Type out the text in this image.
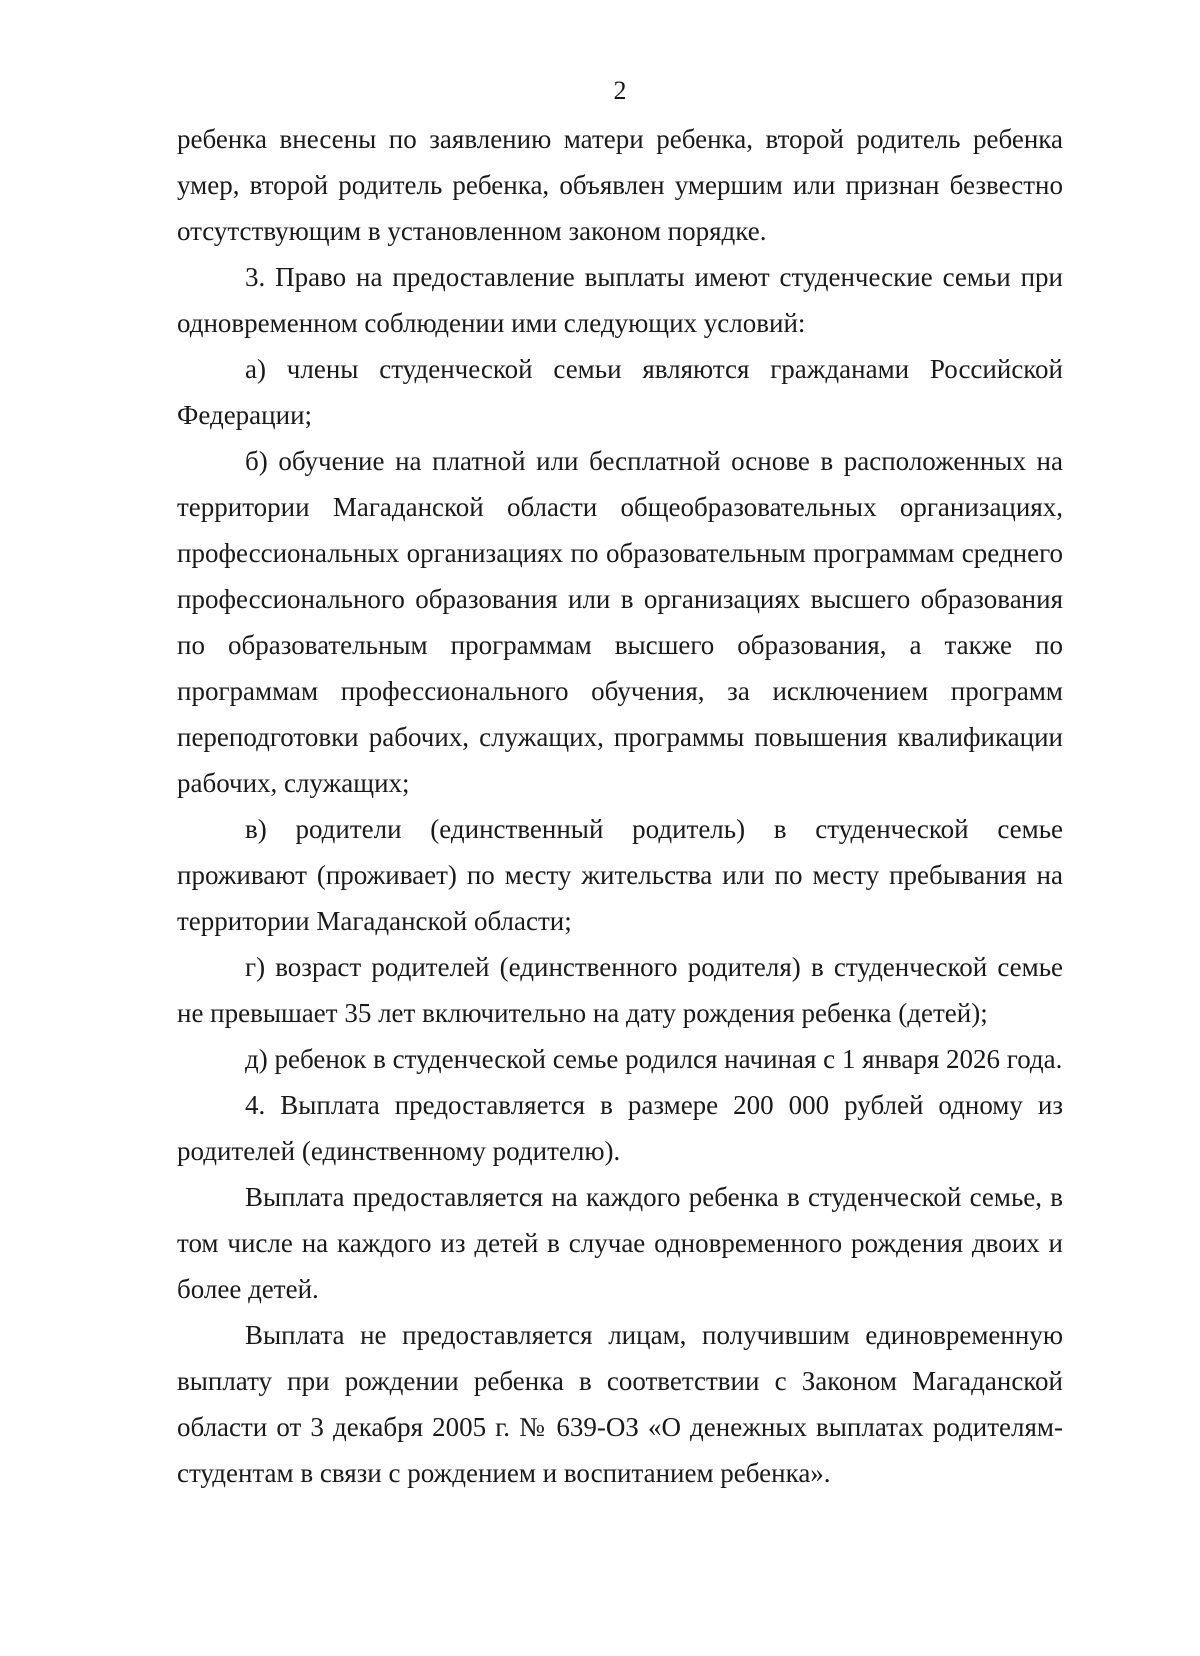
2

ребенка внесены по заявлению матери ребенка, второй родитель ребенка умер, второй родитель ребенка, объявлен умершим или признан безвестно отсутствующим в установленном законом порядке.

3. Право на предоставление выплаты имеют студенческие семьи при одновременном соблюдении ими следующих условий:

а) члены студенческой семьи являются гражданами Российской Федерации;

б) обучение на платной или бесплатной основе в расположенных на территории Магаданской области общеобразовательных организациях, профессиональных организациях по образовательным программам среднего профессионального образования или в организациях высшего образования по образовательным программам высшего образования, а также по программам профессионального обучения, за исключением программ переподготовки рабочих, служащих, программы повышения квалификации рабочих, служащих;

в) родители (единственный родитель) в студенческой семье проживают (проживает) по месту жительства или по месту пребывания на территории Магаданской области;

г) возраст родителей (единственного родителя) в студенческой семье не превышает 35 лет включительно на дату рождения ребенка (детей);

д) ребенок в студенческой семье родился начиная с 1 января 2026 года.

4. Выплата предоставляется в размере 200 000 рублей одному из родителей (единственному родителю).

Выплата предоставляется на каждого ребенка в студенческой семье, в том числе на каждого из детей в случае одновременного рождения двоих и более детей.

Выплата не предоставляется лицам, получившим единовременную выплату при рождении ребенка в соответствии с Законом Магаданской области от 3 декабря 2005 г. № 639-ОЗ «О денежных выплатах родителям-студентам в связи с рождением и воспитанием ребенка».
